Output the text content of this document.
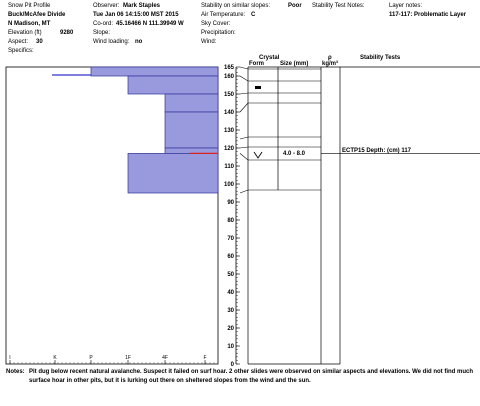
Snow Pit Profile
Buck/McAfee Divide
N Madison, MT
Elevation (ft)	9280
Aspect: 30
Specifics:
Observer: Mark Staples
Tue Jan 06 14:15:00 MST 2015
Co-ord: 45.16466 N 111.39949 W
Slope:
Wind loading: no
Stability on similar slopes:	Poor
Air Temperature: C
Sky Cover:
Precipitation:
Wind:
Stability Test Notes:	Layer notes:
117-117: Problematic Layer
Crystal
Form	Size (mm)
ρ
kg/m³
Stability Tests
165
160
150
140
130
120
110
100
90
80
70
60
50
40
30
20
10
0
I	K	P	1F	4F	F
4.0 - 8.0	ECTP15 Depth: (cm) 117
Notes: Pit dug below recent natural avalanche. Suspect it failed on surf hoar. 2 other slides were observed on similar aspects and elevations. We did not find much
surface hoar in other pits, but it is lurking out there on sheltered slopes from the wind and the sun.
